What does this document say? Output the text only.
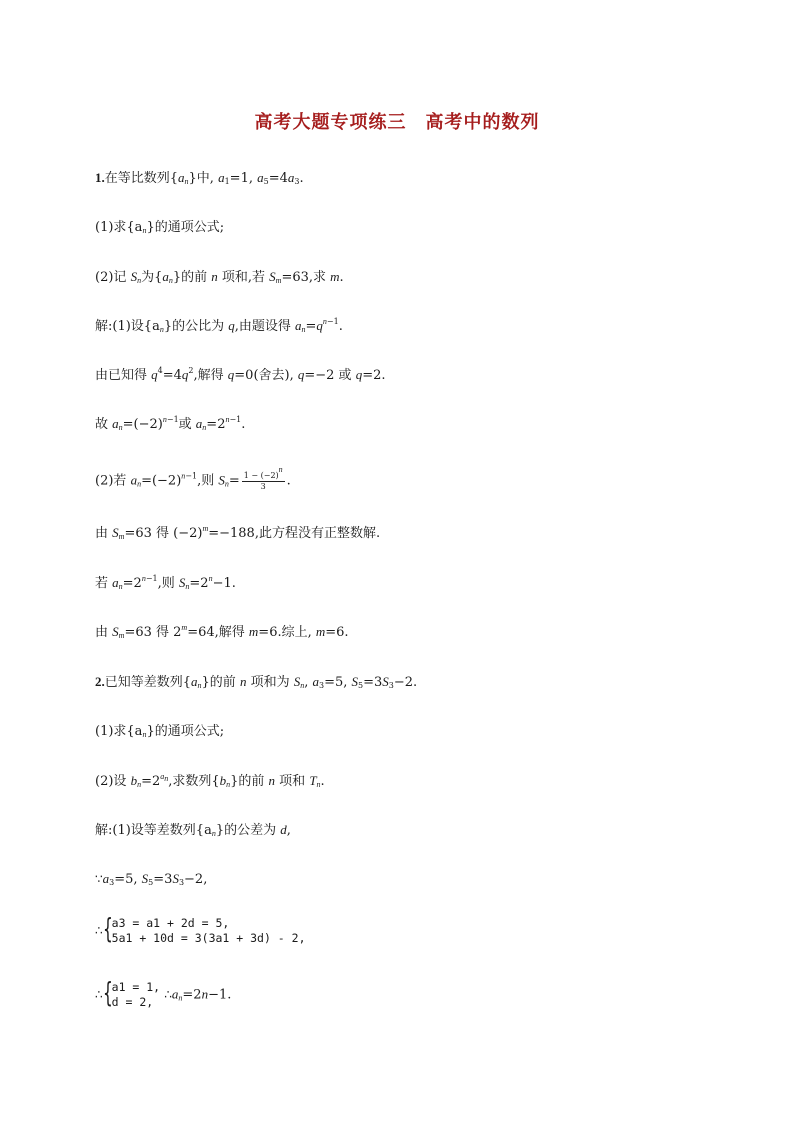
高考大题专项练三　高考中的数列

1.在等比数列$\{a_n\}$中, $a_1=1$, $a_5=4a_3$.

(1)求$\{a_n\}$的通项公式;

(2)记 $S_n$为$\{a_n\}$的前 n 项和,若 $S_m=63$,求 m.

解:(1)设$\{a_n\}$的公比为 q,由题设得 $a_n=q^{n-1}$.

由已知得 $q^4=4q^2$,解得 q=0(舍去), q=−2 或 q=2.

故 $a_n=(-2)^{n-1}$或 $a_n=2^{n-1}$.

(2)若 $a_n=(-2)^{n-1}$,则 $S_n= \frac{1 - (-2)^n}{3}$ .

由 $S_m=63$ 得 $(-2)^m=-188$,此方程没有正整数解.

若 $a_n=2^{n-1}$,则 $S_n=2^n-1$.

由 $S_m=63$ 得 $2^m=64$,解得 m=6.综上, m=6.

2.已知等差数列$\{a_n\}$的前 n 项和为 $S_n$, $a_3=5$, $S_5=3S_3-2$.

(1)求$\{a_n\}$的通项公式;

(2)设 $b_n=2^{a_n}$,求数列$\{b_n\}$的前 n 项和 $T_n$.

解:(1)设等差数列$\{a_n\}$的公差为 d,

$\because a_3=5$, $S_5=3S_3-2$,

∴ { a3 = a1 + 2d = 5,
5a1 + 10d = 3(3a1 + 3d) - 2,
∴ { a1 = 1,
d = 2,
$\therefore a_n=2n-1$.
